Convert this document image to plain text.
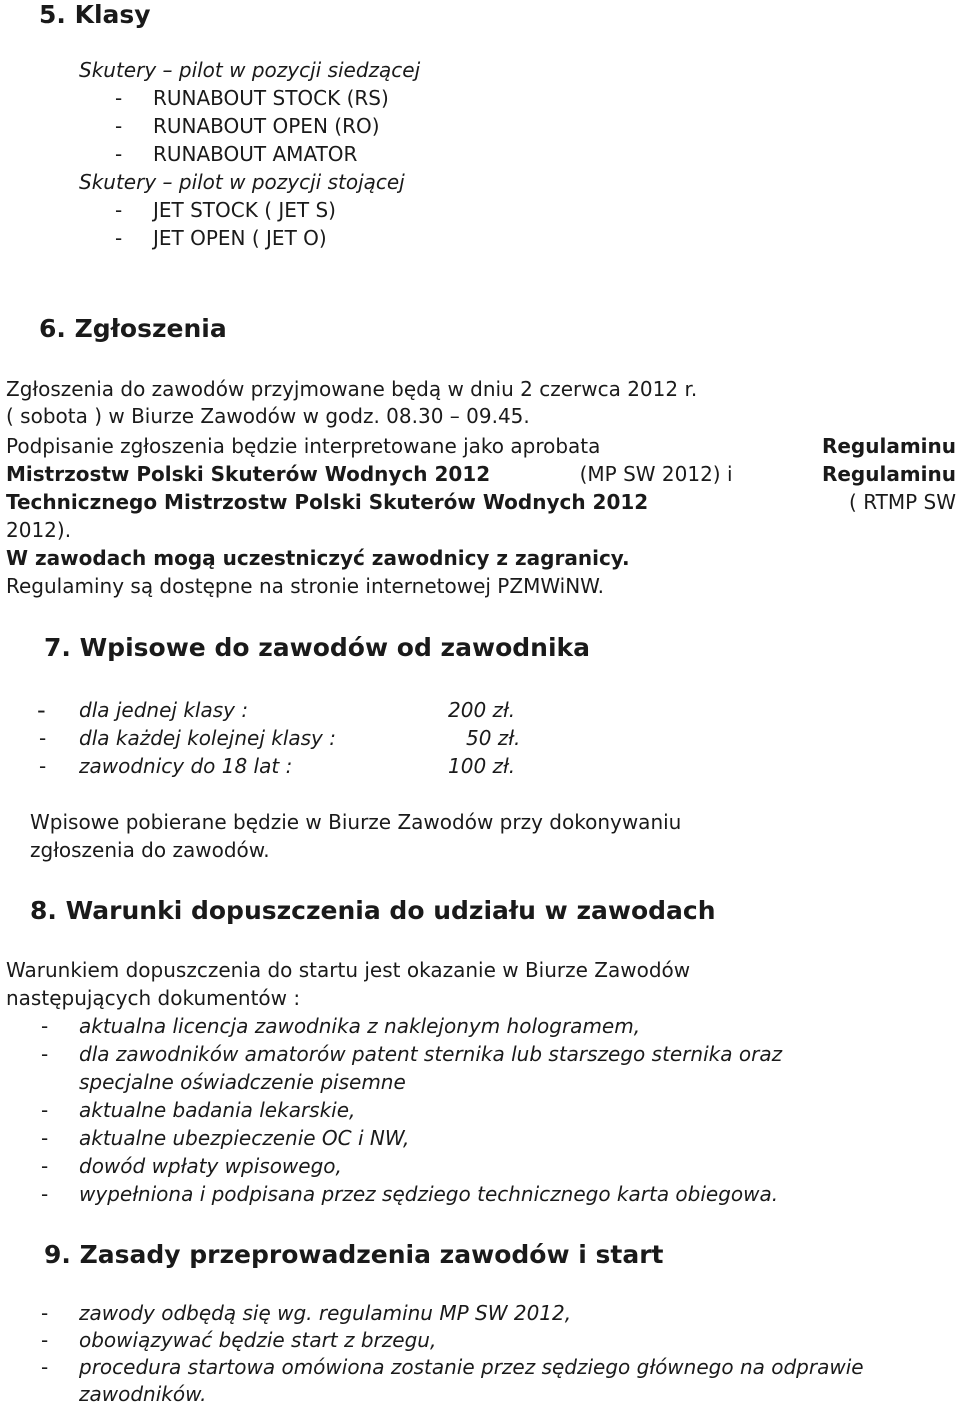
5. Klasy
Skutery – pilot w pozycji siedzącej
- RUNABOUT STOCK (RS)
- RUNABOUT OPEN (RO)
- RUNABOUT AMATOR
Skutery – pilot w pozycji stojącej
- JET STOCK ( JET S)
- JET OPEN ( JET O)
6. Zgłoszenia
Zgłoszenia do zawodów przyjmowane będą w dniu 2 czerwca 2012 r.
( sobota ) w Biurze Zawodów w godz. 08.30 – 09.45.
Podpisanie zgłoszenia będzie interpretowane jako aprobata	Regulaminu
Mistrzostw Polski Skuterów Wodnych 2012	(MP SW 2012) i	Regulaminu
Technicznego Mistrzostw Polski Skuterów Wodnych 2012	( RTMP SW
2012).
W zawodach mogą uczestniczyć zawodnicy z zagranicy.
Regulaminy są dostępne na stronie internetowej PZMWiNW.
7. Wpisowe do zawodów od zawodnika
- dla jednej klasy :	200 zł.
- dla każdej kolejnej klasy :	50 zł.
- zawodnicy do 18 lat :	100 zł.
Wpisowe pobierane będzie w Biurze Zawodów przy dokonywaniu
zgłoszenia do zawodów.
8. Warunki dopuszczenia do udziału w zawodach
Warunkiem dopuszczenia do startu jest okazanie w Biurze Zawodów
następujących dokumentów :
- aktualna licencja zawodnika z naklejonym hologramem,
- dla zawodników amatorów patent sternika lub starszego sternika oraz
specjalne oświadczenie pisemne
- aktualne badania lekarskie,
- aktualne ubezpieczenie OC i NW,
- dowód wpłaty wpisowego,
- wypełniona i podpisana przez sędziego technicznego karta obiegowa.
9. Zasady przeprowadzenia zawodów i start
- zawody odbędą się wg. regulaminu MP SW 2012,
- obowiązywać będzie start z brzegu,
- procedura startowa omówiona zostanie przez sędziego głównego na odprawie
zawodników.
